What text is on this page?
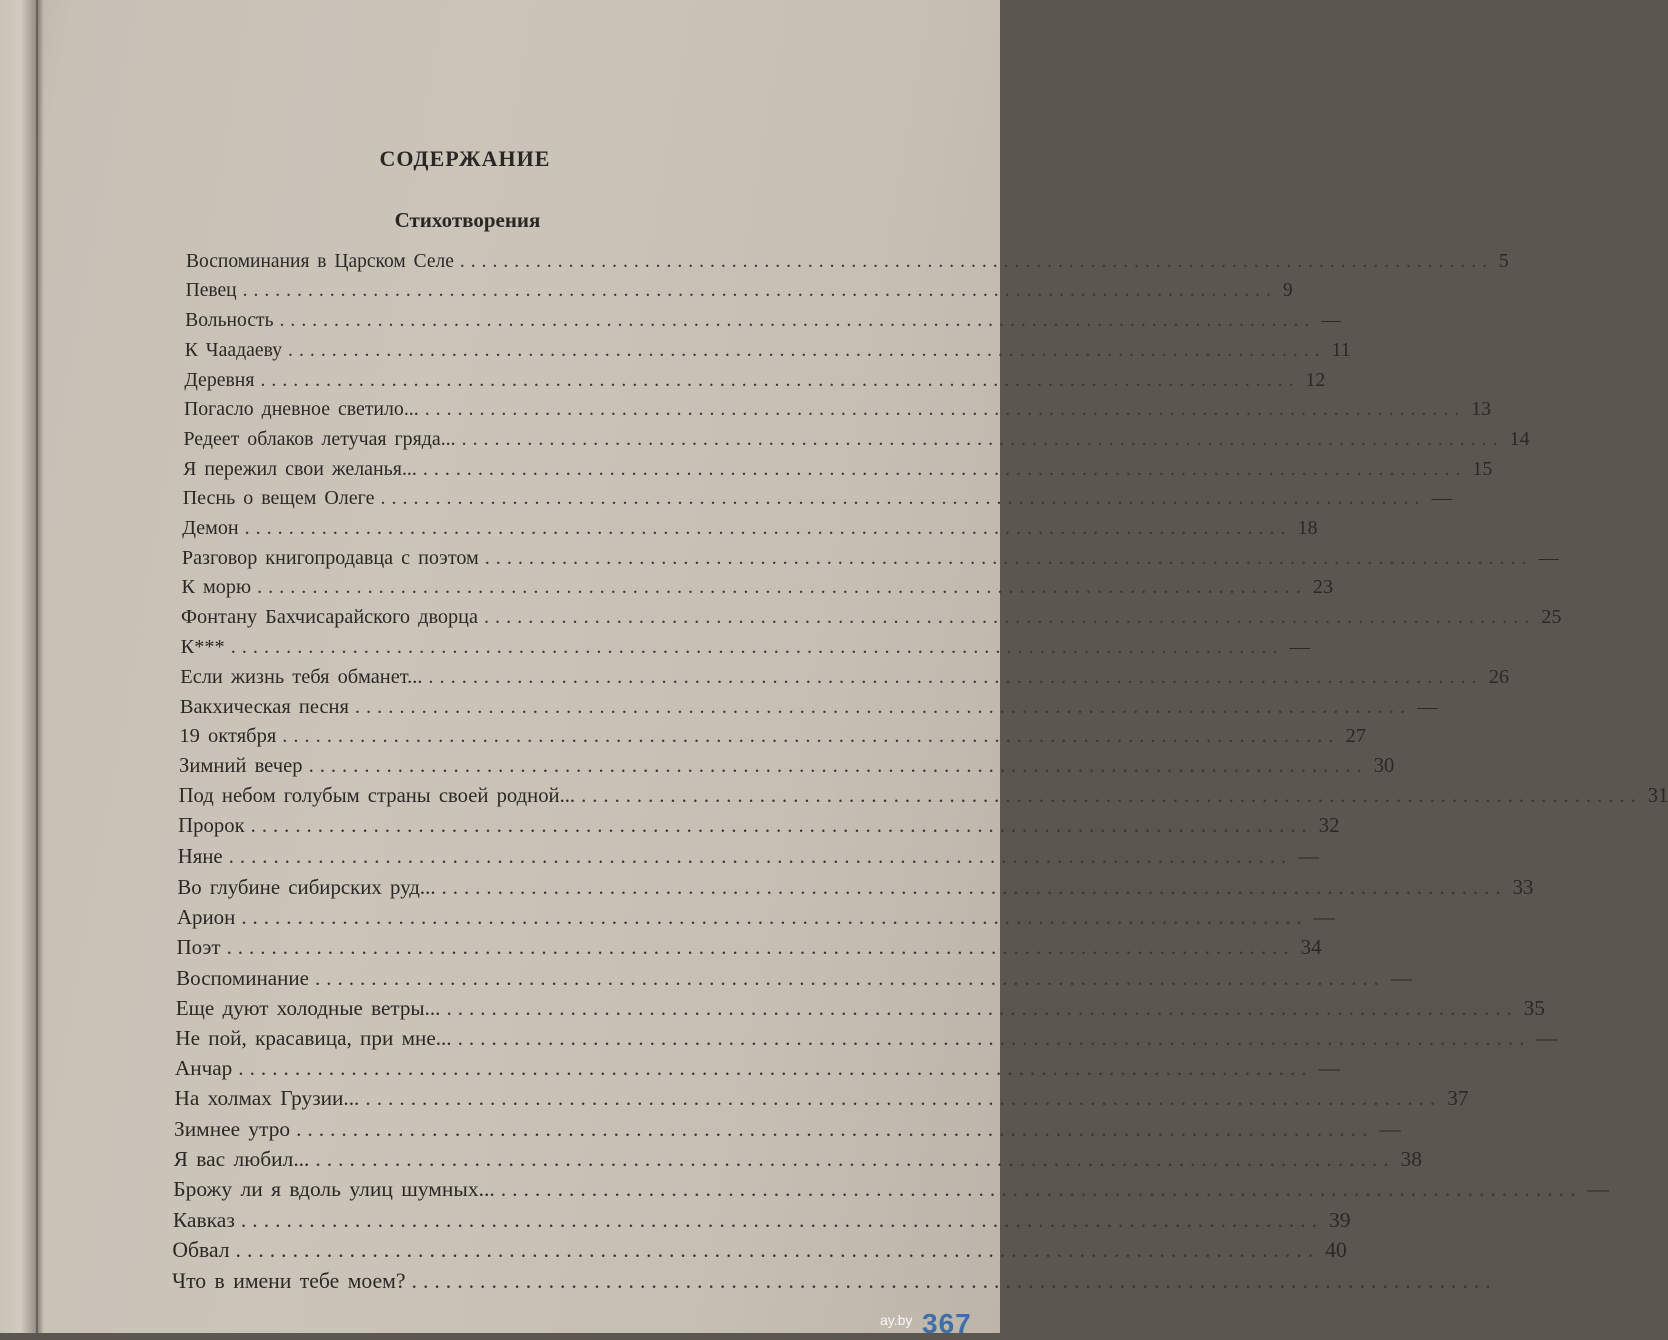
СОДЕРЖАНИЕ
Стихотворения
Воспоминания в Царском Селе ............................................................................................... 5
Певец ............................................................................................... 9
Вольность ............................................................................................... —
К Чаадаеву ............................................................................................... 11
Деревня ............................................................................................... 12
Погасло дневное светило... ............................................................................................... 13
Редеет облаков летучая гряда... ............................................................................................... 14
Я пережил свои желанья... ............................................................................................... 15
Песнь о вещем Олеге ............................................................................................... —
Демон ............................................................................................... 18
Разговор книгопродавца с поэтом ............................................................................................... —
К морю ............................................................................................... 23
Фонтану Бахчисарайского дворца ............................................................................................... 25
К*** ............................................................................................... —
Если жизнь тебя обманет... ............................................................................................... 26
Вакхическая песня ............................................................................................... —
19 октября ............................................................................................... 27
Зимний вечер ............................................................................................... 30
Под небом голубым страны своей родной... ............................................................................................... 31
Пророк ............................................................................................... 32
Няне ............................................................................................... —
Во глубине сибирских руд... ............................................................................................... 33
Арион ............................................................................................... —
Поэт ............................................................................................... 34
Воспоминание ............................................................................................... —
Еще дуют холодные ветры... ............................................................................................... 35
Не пой, красавица, при мне... ............................................................................................... —
Анчар ............................................................................................... —
На холмах Грузии... ............................................................................................... 37
Зимнее утро ............................................................................................... —
Я вас любил... ............................................................................................... 38
Брожу ли я вдоль улиц шумных... ............................................................................................... —
Кавказ ............................................................................................... 39
Обвал ............................................................................................... 40
Что в имени тебе моем? ...............................................................................................
367
ay.by
